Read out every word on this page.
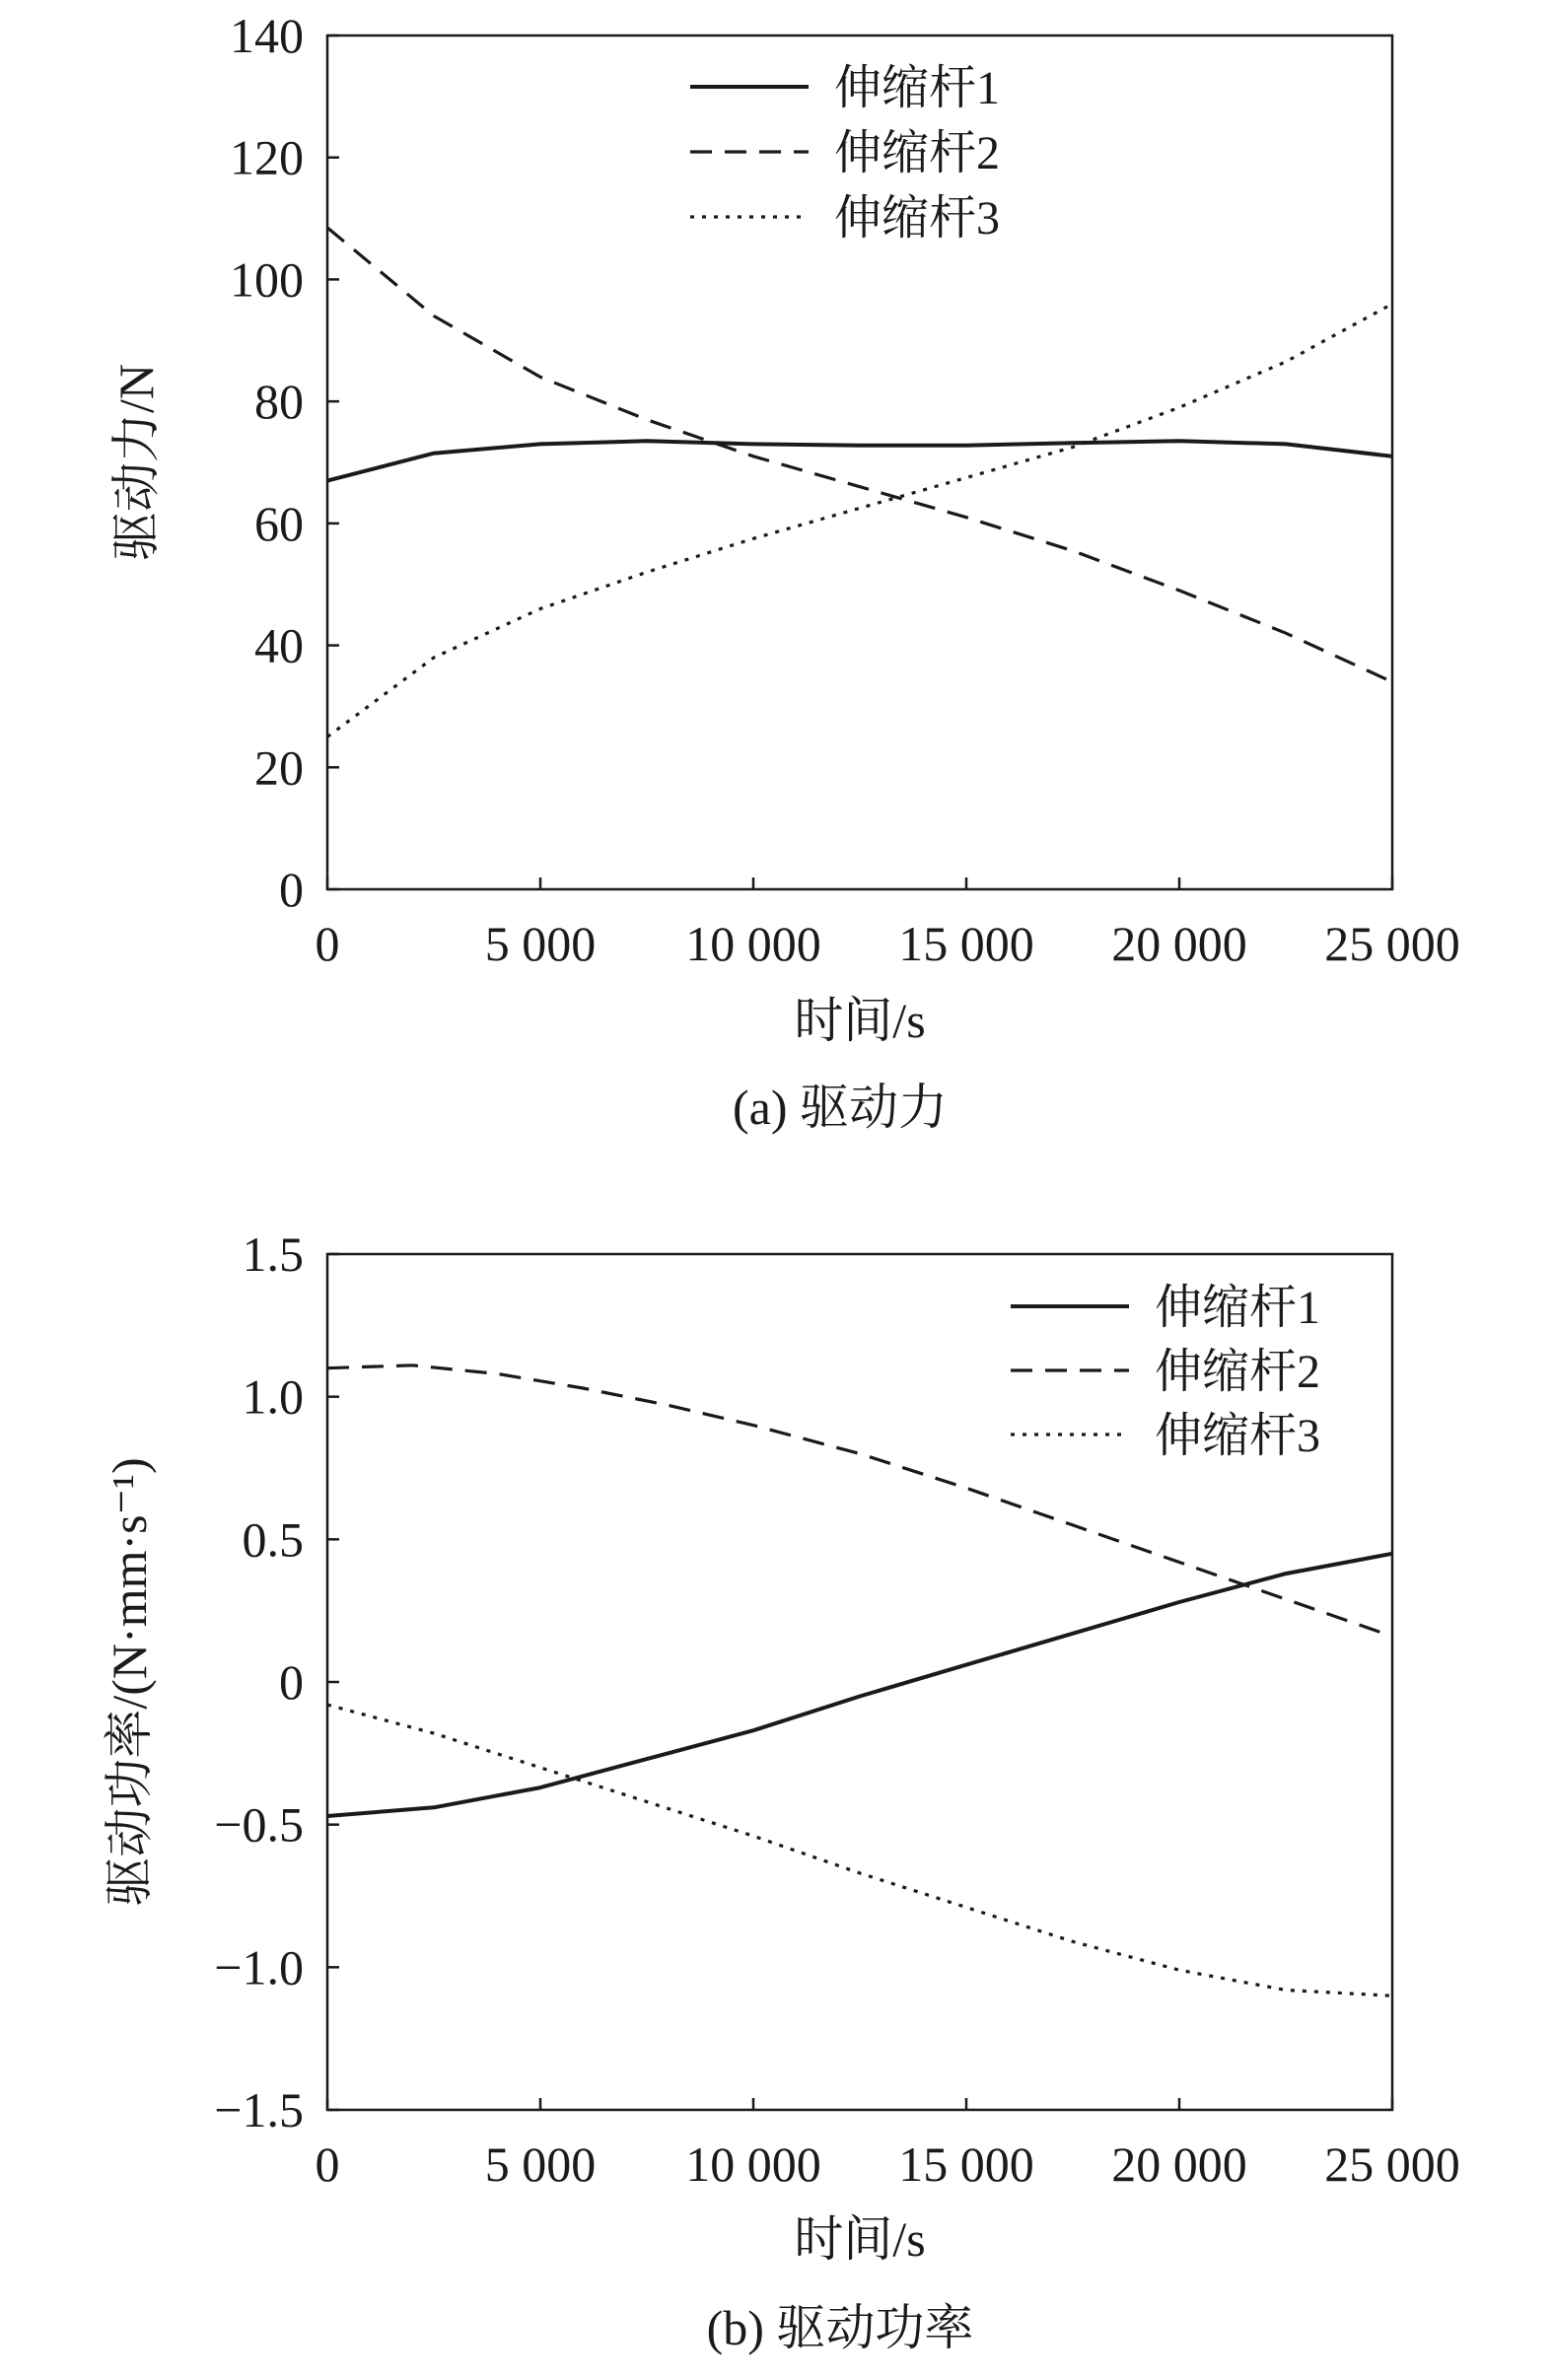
0
20
40
60
80
100
120
140
0	5 000 10 000 15 000 20 000 25 000
伸缩杆1
伸缩杆2
伸缩杆3
时间/s
驱动力/N
(a) 驱动力
−1.5
−1.0
−0.5
0
0.5
1.0
1.5
0	5 000 10 000 15 000 20 000 25 000
伸缩杆1
伸缩杆2
伸缩杆3
时间/s
驱动功率/(N·mm·s⁻¹)
(b) 驱动功率
